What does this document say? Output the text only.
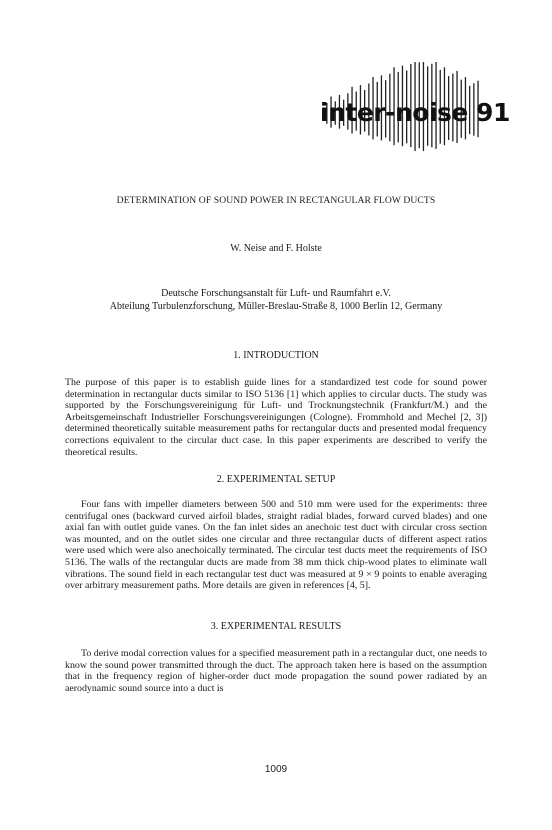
inter-noise 91
DETERMINATION OF SOUND POWER IN RECTANGULAR FLOW DUCTS
W. Neise and F. Holste
Deutsche Forschungsanstalt für Luft- und Raumfahrt e.V.
Abteilung Turbulenzforschung, Müller-Breslau-Straße 8, 1000 Berlin 12, Germany
1. INTRODUCTION

The purpose of this paper is to establish guide lines for a standardized test code for sound power determination in rectangular ducts similar to ISO 5136 [1] which applies to circular ducts. The study was supported by the Forschungsvereinigung für Luft- und Trocknungstechnik (Frankfurt/M.) and the Arbeitsgemeinschaft Industrieller Forschungsvereinigungen (Cologne). Frommhold and Mechel [2, 3]) determined theoretically suitable measurement paths for rectangular ducts and presented modal frequency corrections equivalent to the circular duct case. In this paper experiments are described to verify the theoretical results.

2. EXPERIMENTAL SETUP

Four fans with impeller diameters between 500 and 510 mm were used for the experiments: three centrifugal ones (backward curved airfoil blades, straight radial blades, forward curved blades) and one axial fan with outlet guide vanes. On the fan inlet sides an anechoic test duct with circular cross section was mounted, and on the outlet sides one circular and three rectangular ducts of different aspect ratios were used which were also anechoically terminated. The circular test ducts meet the requirements of ISO 5136. The walls of the rectangular ducts are made from 38 mm thick chip-wood plates to eliminate wall vibrations. The sound field in each rectangular test duct was measured at 9 × 9 points to enable averaging over arbitrary measurement paths. More details are given in references [4, 5].

3. EXPERIMENTAL RESULTS

To derive modal correction values for a specified measurement path in a rectangular duct, one needs to know the sound power transmitted through the duct. The approach taken here is based on the assumption that in the frequency region of higher-order duct mode propagation the sound power radiated by an aerodynamic sound source into a duct is

1009
